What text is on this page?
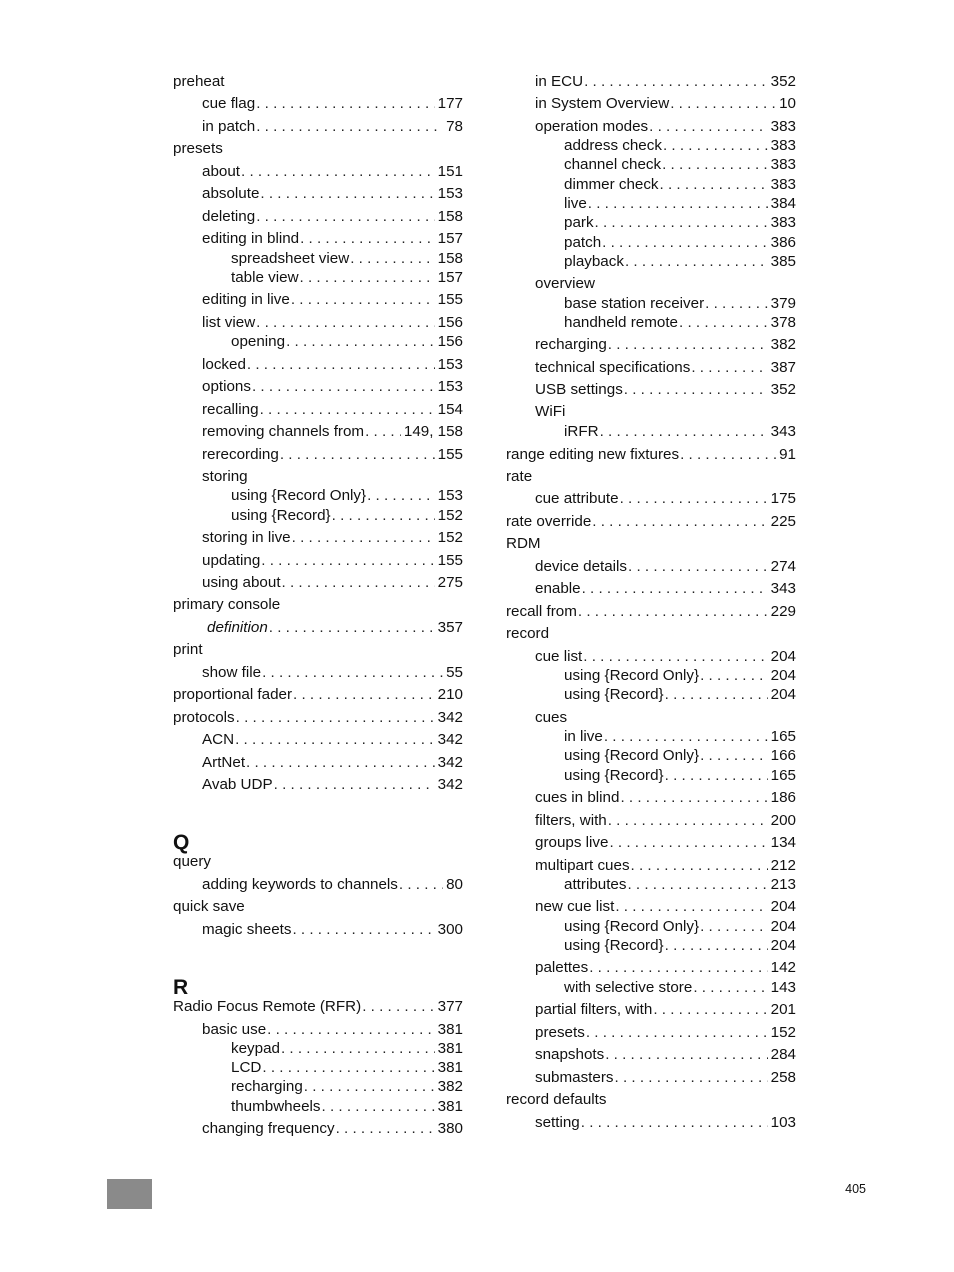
preheat
cue flag . . .	177
in patch . . .	78
presets
about . . .	151
absolute . . .	153
deleting . . .	158
editing in blind . . .	157
spreadsheet view . . .	158
table view . . .	157
editing in live . . .	155
list view . . .	156
opening . . .	156
locked . . .	153
options . . .	153
recalling . . .	154
removing channels from . . .	149, 158
rerecording . . .	155
storing
using {Record Only} . . .	153
using {Record} . . .	152
storing in live . . .	152
updating . . .	155
using about . . .	275
primary console
definition . . .	357
print
show file . . .	55
proportional fader . . .	210
protocols . . .	342
ACN . . .	342
ArtNet . . .	342
Avab UDP . . .	342
query
adding keywords to channels . . .	80
quick save
magic sheets . . .	300
Radio Focus Remote (RFR) . . .	377
basic use . . .	381
keypad . . .	381
LCD . . .	381
recharging . . .	382
thumbwheels . . .	381
changing frequency . . .	380
Q
R
in ECU . . .	352
in System Overview . . .	10
operation modes . . .	383
address check . . .	383
channel check . . .	383
dimmer check . . .	383
live . . .	384
park . . .	383
patch . . .	386
playback . . .	385
overview
base station receiver . . .	379
handheld remote . . .	378
recharging . . .	382
technical specifications . . .	387
USB settings . . .	352
WiFi
iRFR . . .	343
range editing new fixtures . . .	91
rate
cue attribute . . .	175
rate override . . .	225
RDM
device details . . .	274
enable . . .	343
recall from . . .	229
record
cue list . . .	204
using {Record Only} . . .	204
using {Record} . . .	204
cues
in live . . .	165
using {Record Only} . . .	166
using {Record} . . .	165
cues in blind . . .	186
filters, with . . .	200
groups live . . .	134
multipart cues . . .	212
attributes . . .	213
new cue list . . .	204
using {Record Only} . . .	204
using {Record} . . .	204
palettes . . .	142
with selective store . . .	143
partial filters, with . . .	201
presets . . .	152
snapshots . . .	284
submasters . . .	258
record defaults
setting . . .	103
405
